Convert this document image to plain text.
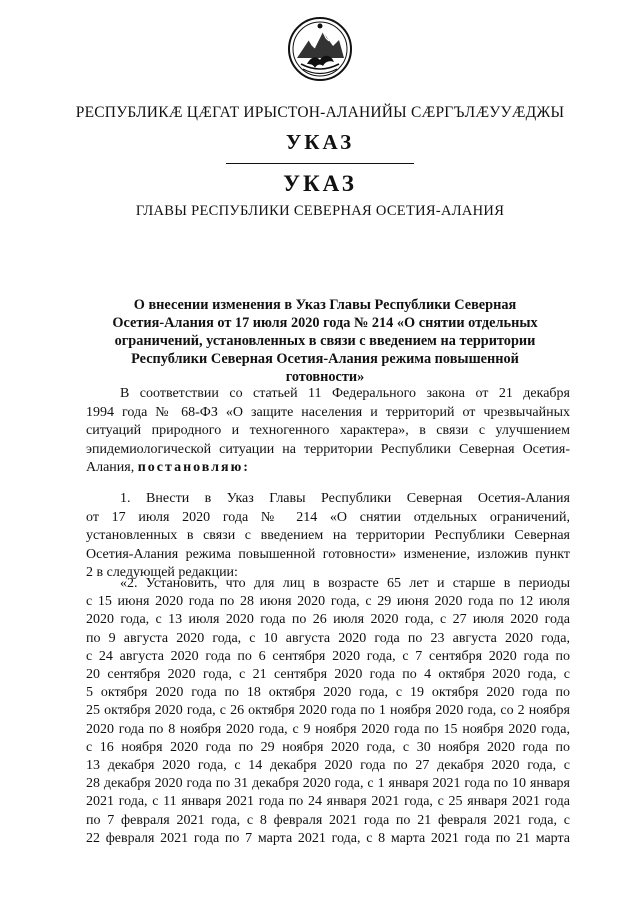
РЕСПУБЛИКӔ ЦӔГАТ ИРЫСТОН-АЛАНИЙЫ СӔРГЪЛӔУУӔДЖЫ
УКАЗ
УКАЗ
ГЛАВЫ РЕСПУБЛИКИ СЕВЕРНАЯ ОСЕТИЯ-АЛАНИЯ
О внесении изменения в Указ Главы Республики Северная
Осетия-Алания от 17 июля 2020 года № 214 «О снятии отдельных
ограничений, установленных в связи с введением на территории
Республики Северная Осетия-Алания режима повышенной готовности»
В соответствии со статьей 11 Федерального закона от 21 декабря
1994 года № 68-ФЗ «О защите населения и территорий от чрезвычайных
ситуаций природного и техногенного характера», в связи с улучшением
эпидемиологической ситуации на территории Республики Северная Осетия-
Алания, постановляю:
1. Внести в Указ Главы Республики Северная Осетия-Алания
от 17 июля 2020 года № 214 «О снятии отдельных ограничений,
установленных в связи с введением на территории Республики Северная
Осетия-Алания режима повышенной готовности» изменение, изложив пункт
2 в следующей редакции:
«2. Установить, что для лиц в возрасте 65 лет и старше в периоды
с 15 июня 2020 года по 28 июня 2020 года, с 29 июня 2020 года по 12 июля
2020 года, с 13 июля 2020 года по 26 июля 2020 года, с 27 июля 2020 года
по 9 августа 2020 года, с 10 августа 2020 года по 23 августа 2020 года,
с 24 августа 2020 года по 6 сентября 2020 года, с 7 сентября 2020 года по
20 сентября 2020 года, с 21 сентября 2020 года по 4 октября 2020 года, с
5 октября 2020 года по 18 октября 2020 года, с 19 октября 2020 года по
25 октября 2020 года, с 26 октября 2020 года по 1 ноября 2020 года, со 2 ноября
2020 года по 8 ноября 2020 года, с 9 ноября 2020 года по 15 ноября 2020 года,
с 16 ноября 2020 года по 29 ноября 2020 года, с 30 ноября 2020 года по
13 декабря 2020 года, с 14 декабря 2020 года по 27 декабря 2020 года, с
28 декабря 2020 года по 31 декабря 2020 года, с 1 января 2021 года по 10 января
2021 года, с 11 января 2021 года по 24 января 2021 года, с 25 января 2021 года
по 7 февраля 2021 года, с 8 февраля 2021 года по 21 февраля 2021 года, с
22 февраля 2021 года по 7 марта 2021 года, с 8 марта 2021 года по 21 марта
